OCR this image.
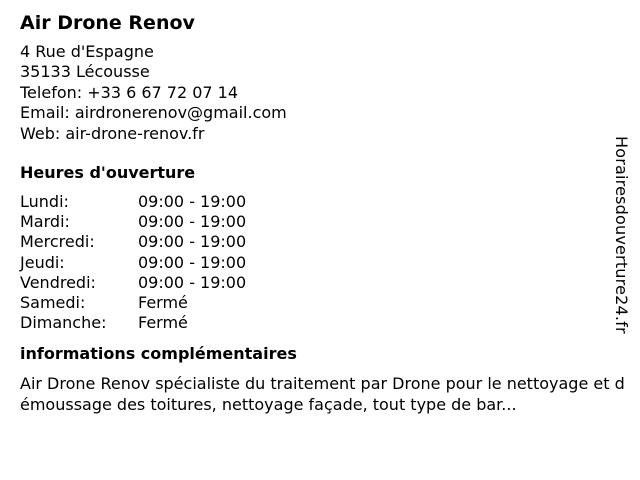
Air Drone Renov
4 Rue d'Espagne
35133 Lécousse
Telefon: +33 6 67 72 07 14
Email: airdronerenov@gmail.com
Web: air-drone-renov.fr
Heures d'ouverture
Lundi:	09:00 - 19:00
Mardi:	09:00 - 19:00
Mercredi:	09:00 - 19:00
Jeudi:	09:00 - 19:00
Vendredi:	09:00 - 19:00
Samedi:	Fermé
Dimanche:	Fermé
informations complémentaires
Air Drone Renov spécialiste du traitement par Drone pour le nettoyage et démoussage des toitures, nettoyage façade, tout type de bar...
Horairesdouverture24.fr
